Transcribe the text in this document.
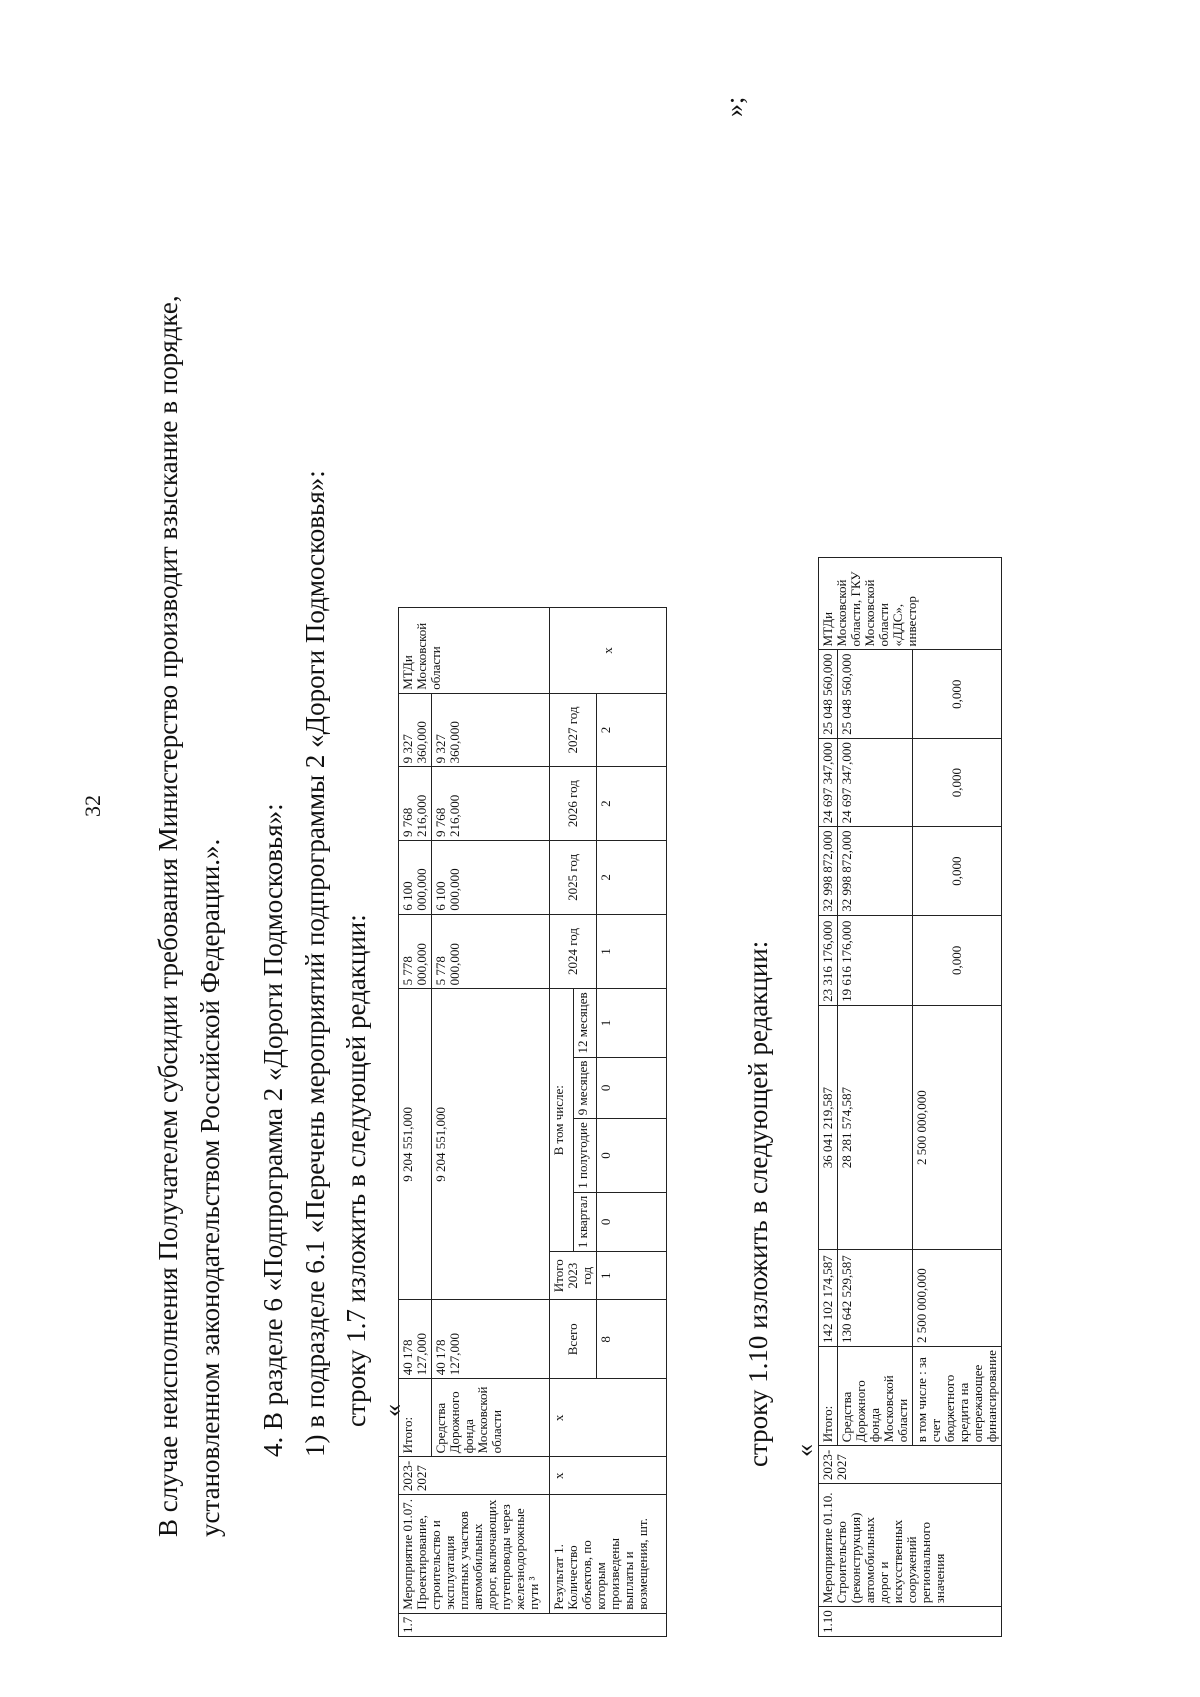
32 В случае неисполнения Получателем субсидии требования Министерство производит взыскание в порядке, установленном законодательством Российской Федерации.». 4. В разделе 6 «Подпрограмма 2 «Дороги Подмосковья»: 1) в подразделе 6.1 «Перечень мероприятий подпрограммы 2 «Дороги Подмосковья»: строку 1.7 изложить в следующей редакции: «
1.7	Мероприятие 01.07. Проектирование, строительство и эксплуатация платных участков автомобильных дорог, включающих путепроводы через железнодорожные пути ³	2023-2027	Итого:	40 178 127,000	9 204 551,000					5 778 000,000	6 100 000,000	9 768 216,000	9 327 360,000	МТДи Московской области
			Средства Дорожного фонда Московской области	40 178 127,000	9 204 551,000					5 778 000,000	6 100 000,000	9 768 216,000	9 327 360,000	
	Результат 1. Количество объектов, по которым произведены выплаты и возмещения, шт.	х	х	Всего	Итого 2023 год	В том числе:				2024 год	2025 год	2026 год	2027 год	х
						1 квартал	1 полугодие	9 месяцев	12 месяцев					
				8	1	0	0	0	1	1	2	2	2	
»;
строку 1.10 изложить в следующей редакции: «
1.10	Мероприятие 01.10. Строительство (реконструкция) автомобильных дорог и искусственных сооружений регионального значения	2023-2027	Итого:	142 102 174,587	36 041 219,587	23 316 176,000	32 998 872,000	24 697 347,000	25 048 560,000	МТДи Московской области, ГКУ Московской области «ДДС», инвестор
			Средства Дорожного фонда Московской области	130 642 529,587	28 281 574,587	19 616 176,000	32 998 872,000	24 697 347,000	25 048 560,000	
			в том числе : за счет бюджетного кредита на опережающее финансирование	2 500 000,000	2 500 000,000	0,000	0,000	0,000	0,000	
